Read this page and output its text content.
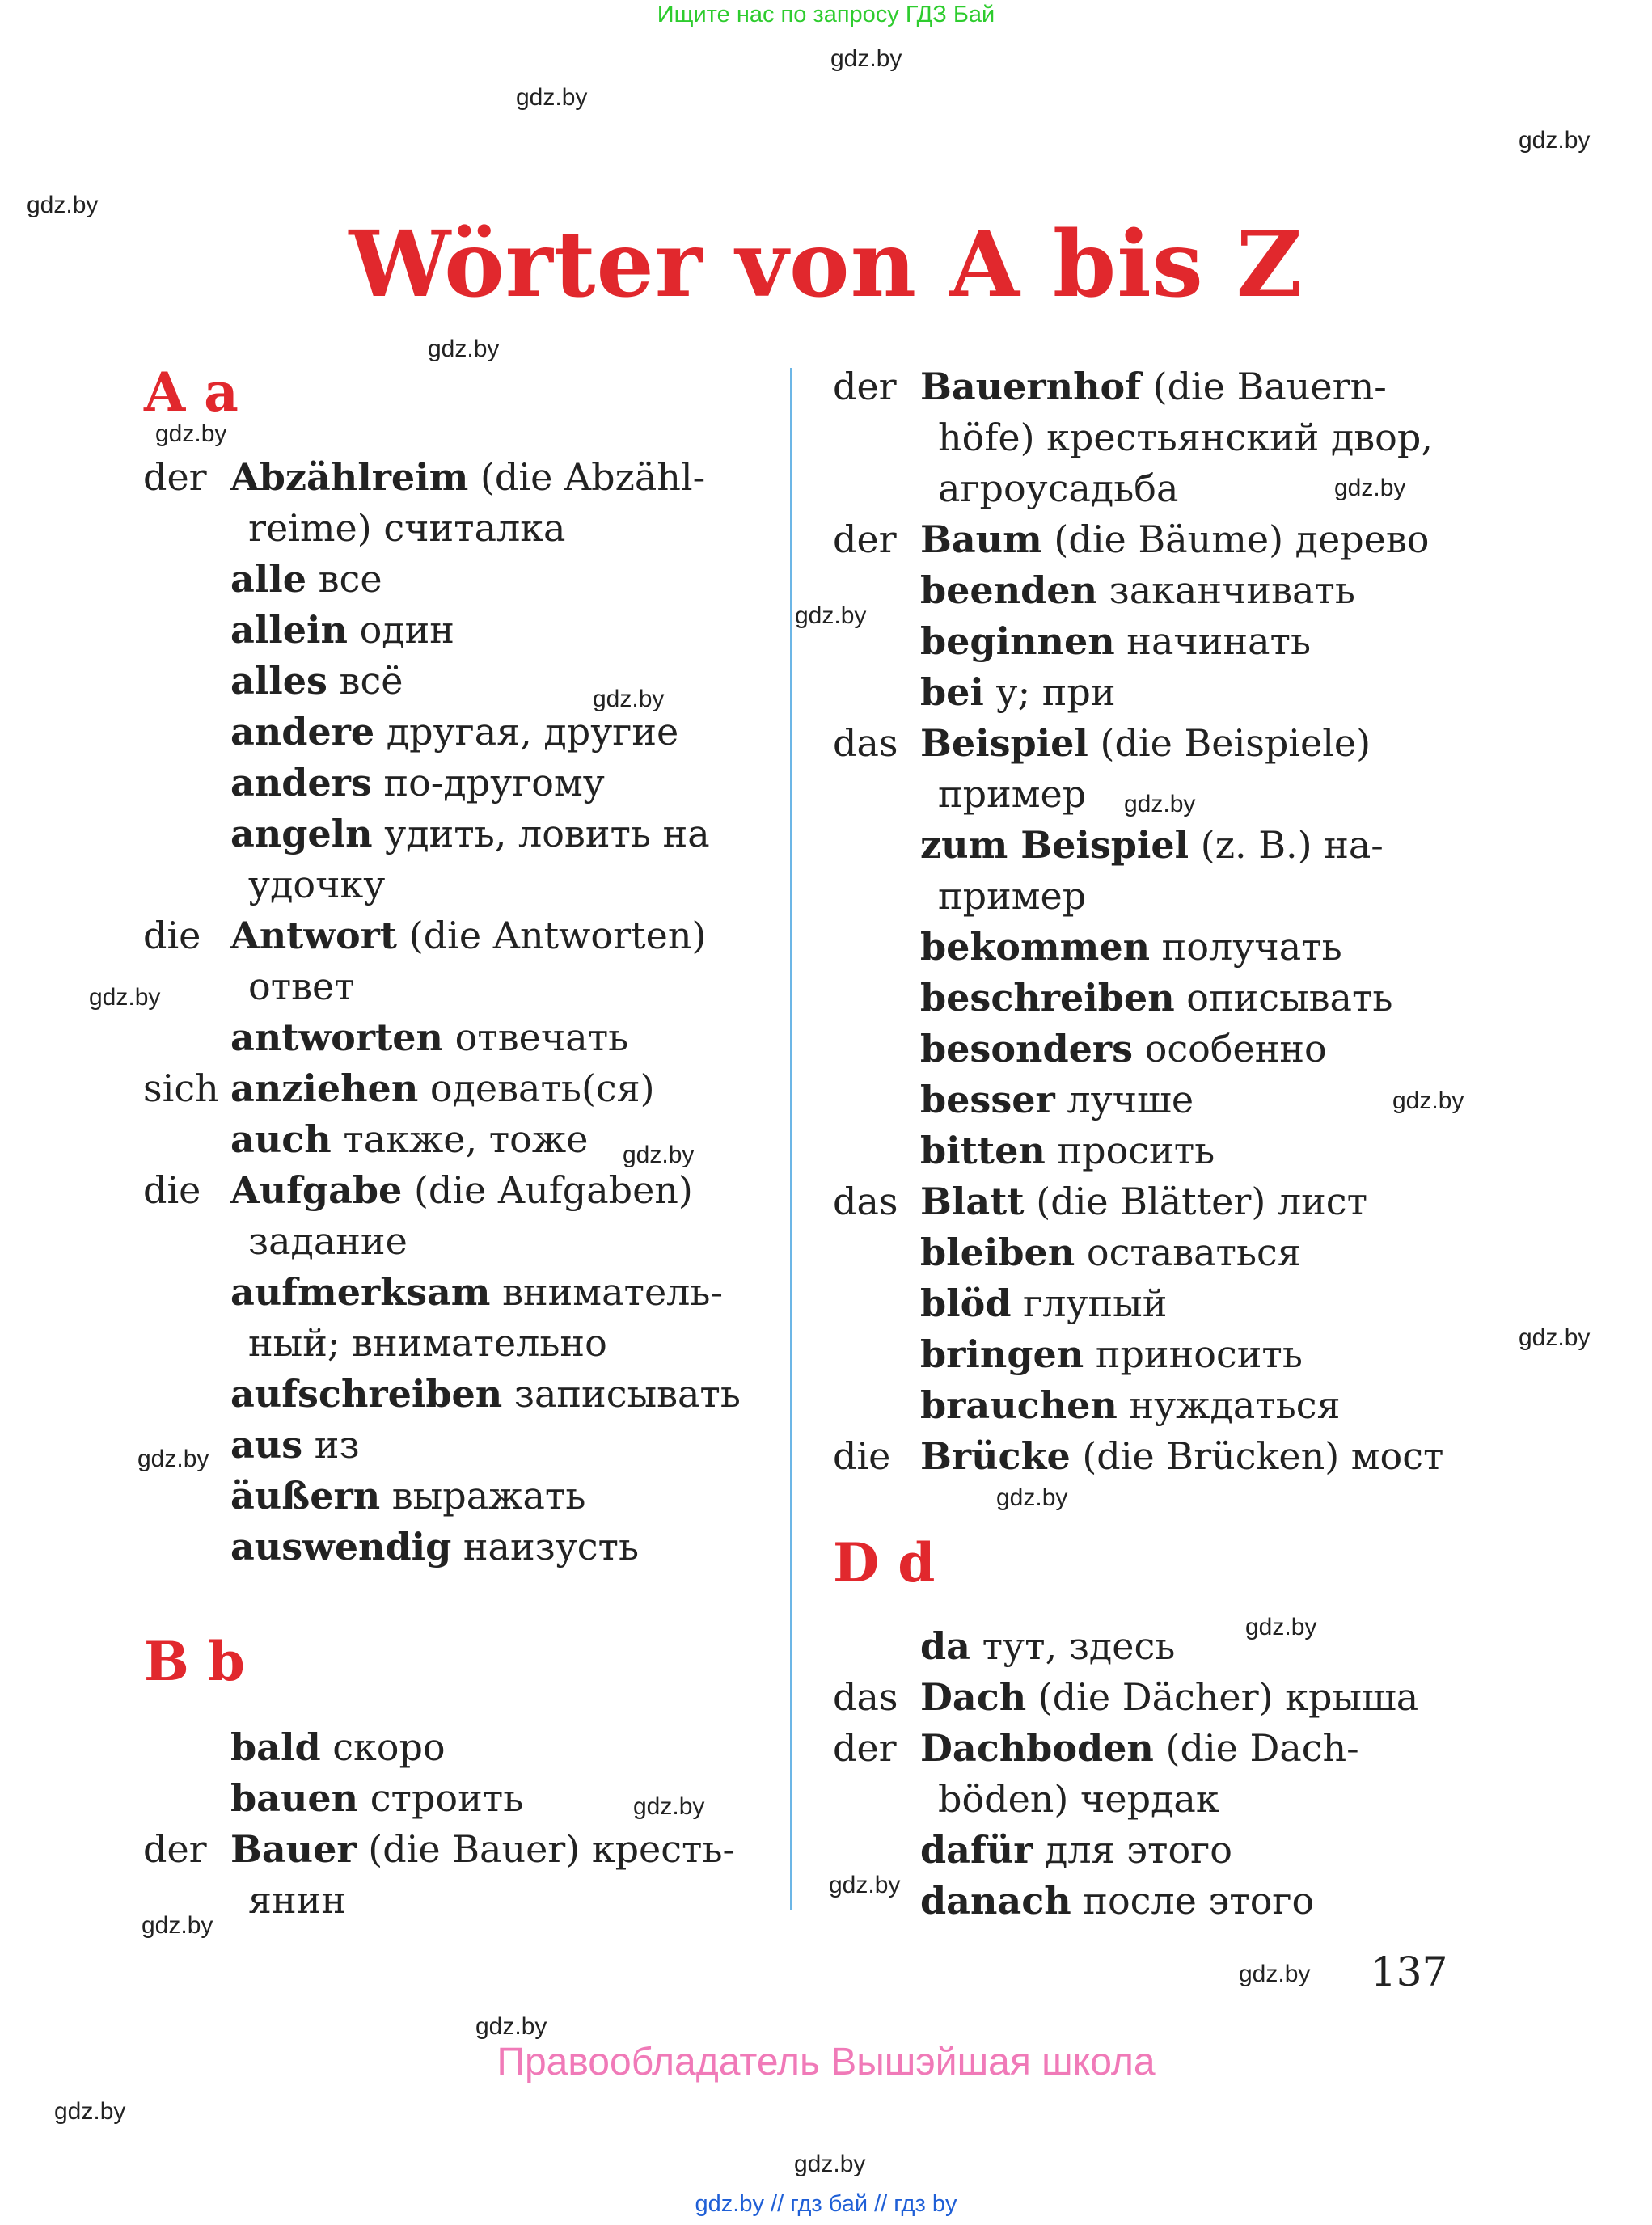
Ищите нас по запросу ГДЗ Бай
gdz.by
gdz.by
gdz.by
gdz.by
gdz.by
gdz.by
gdz.by
gdz.by
gdz.by
gdz.by
gdz.by
gdz.by
gdz.by
gdz.by
gdz.by
gdz.by
gdz.by
gdz.by
gdz.by
gdz.by
gdz.by
gdz.by
gdz.by
gdz.by
Wörter von A bis Z
A a
B b
D d
der Abzählreim (die Abzähl-
reime) считалка
alle все
allein один
alles всё
andere другая, другие
anders по-другому
angeln удить, ловить на
удочку
die Antwort (die Antworten)
ответ
antworten отвечать
sich anziehen одевать(ся)
auch также, тоже
die Aufgabe (die Aufgaben)
задание
aufmerksam вниматель-
ный; внимательно
aufschreiben записывать
aus из
äußern выражать
auswendig наизусть
bald скоро
bauen строить
der Bauer (die Bauer) кресть-
янин
der Bauernhof (die Bauern-
höfe) крестьянский двор,
агроусадьба
der Baum (die Bäume) дерево
beenden заканчивать
beginnen начинать
bei у; при
das Beispiel (die Beispiele)
пример
zum Beispiel (z. B.) на-
пример
bekommen получать
beschreiben описывать
besonders особенно
besser лучше
bitten просить
das Blatt (die Blätter) лист
bleiben оставаться
blöd глупый
bringen приносить
brauchen нуждаться
die Brücke (die Brücken) мост
da тут, здесь
das Dach (die Dächer) крыша
der Dachboden (die Dach-
böden) чердак
dafür для этого
danach после этого
137
Правообладатель Вышэйшая школа
gdz.by // гдз бай // гдз by
